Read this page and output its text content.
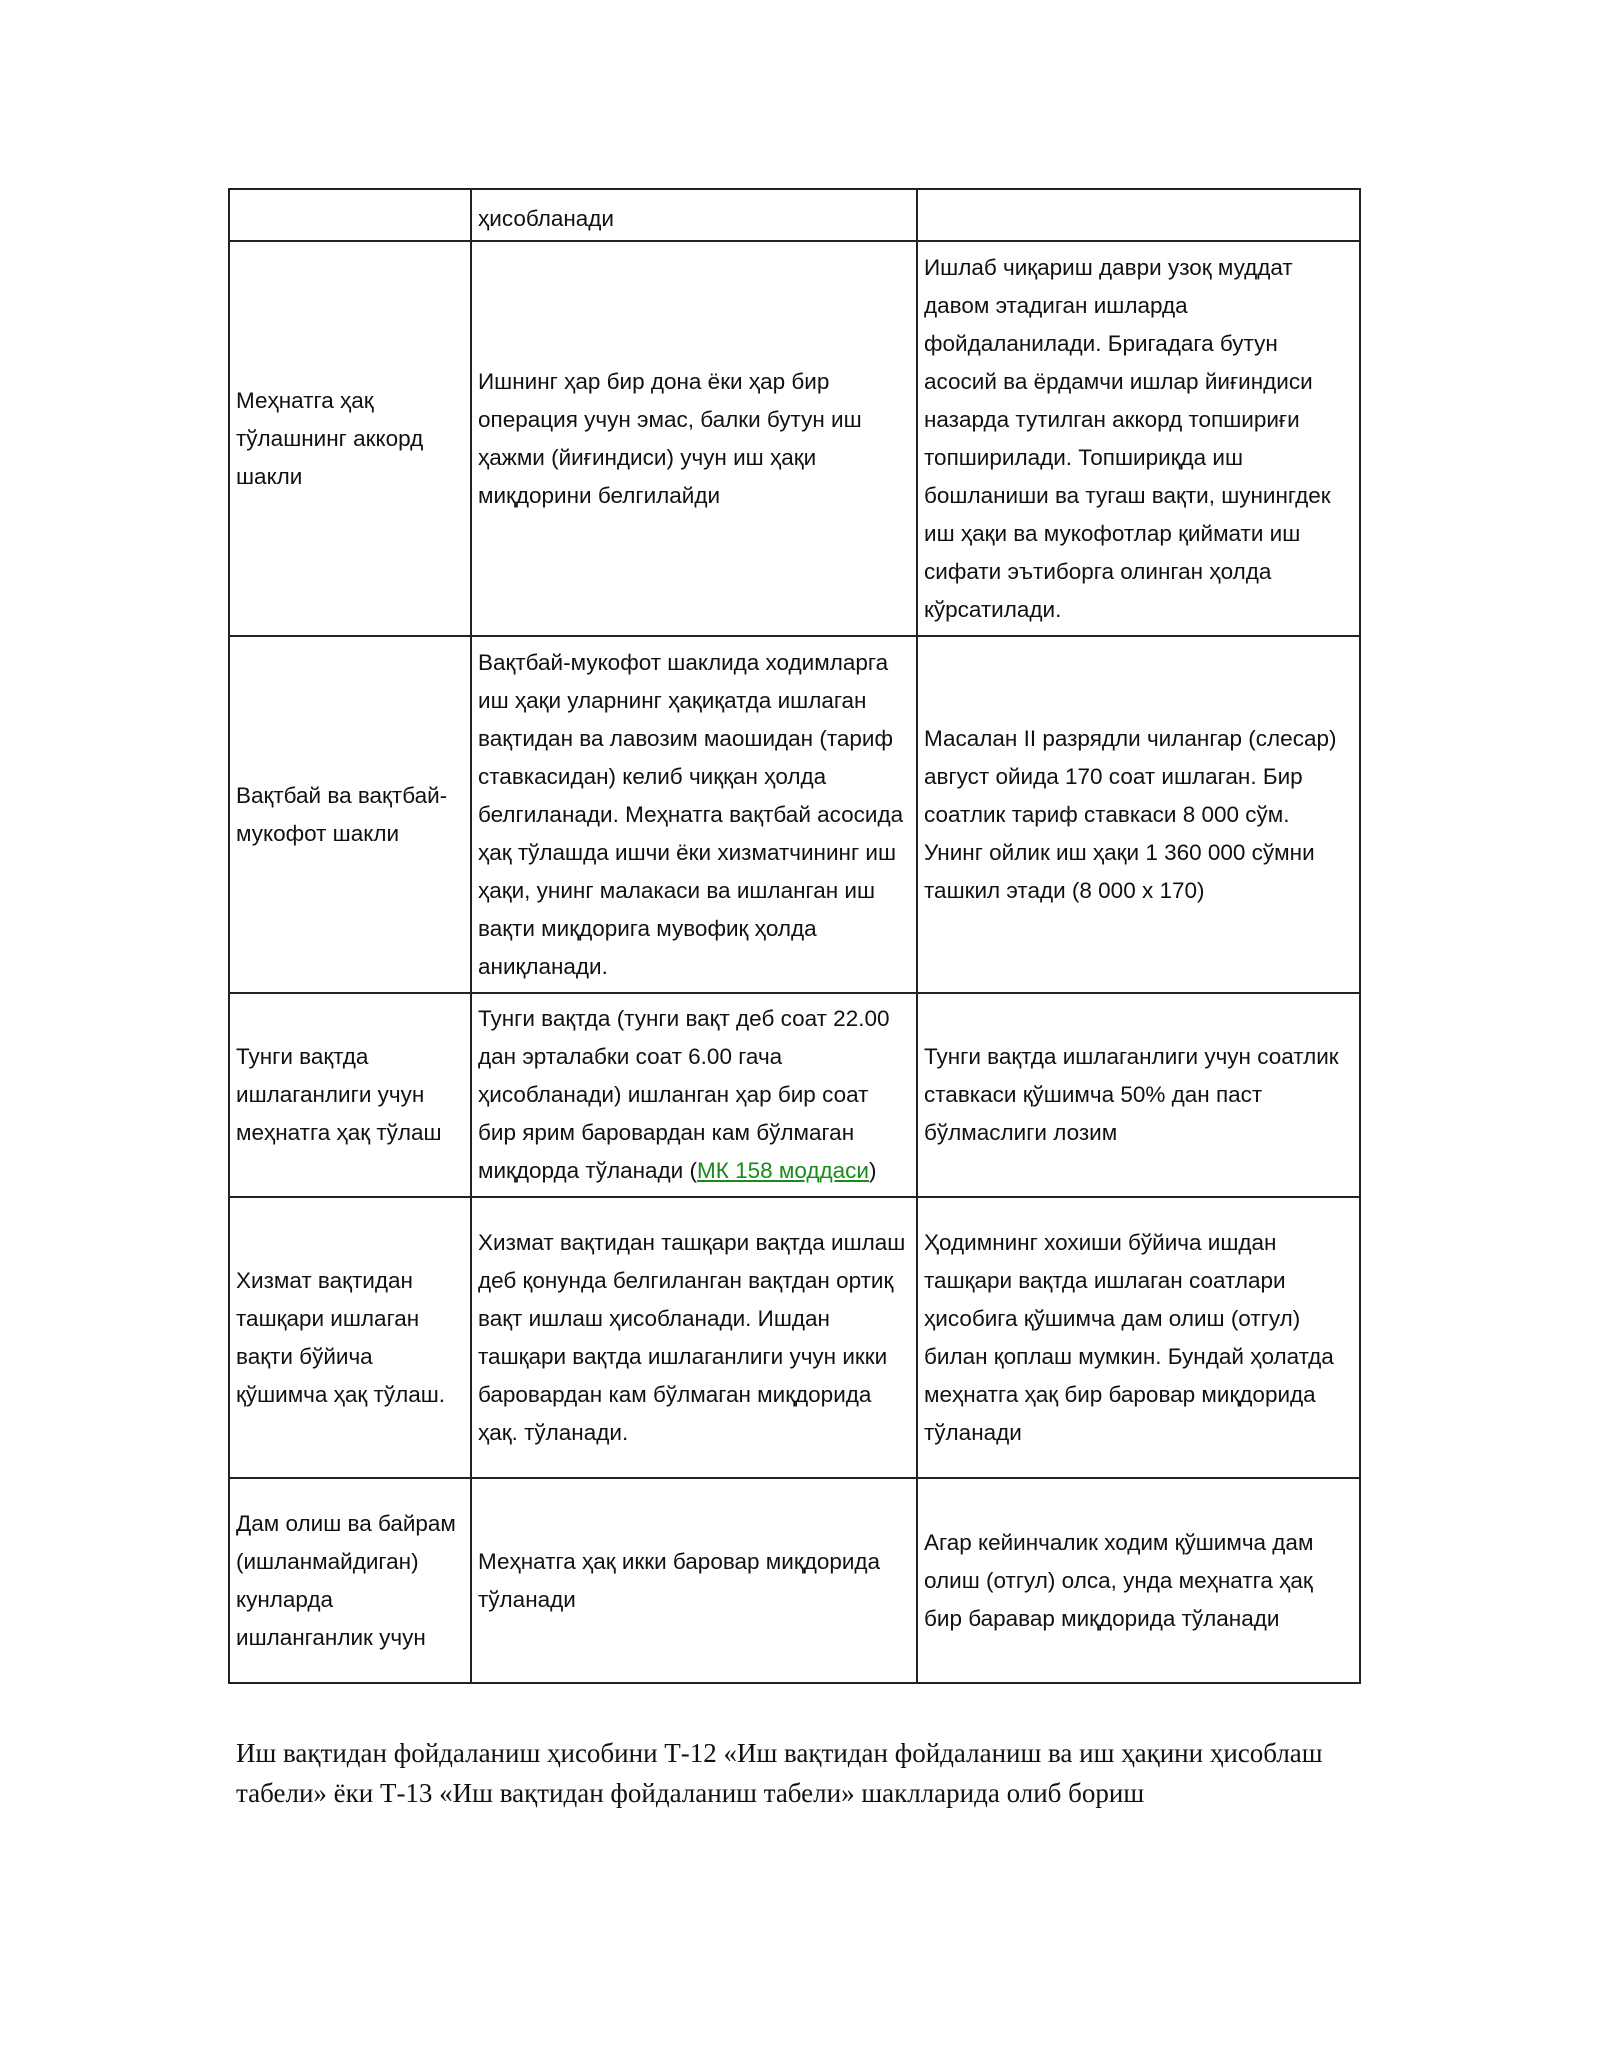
	ҳисобланади	
Меҳнатга ҳақ тўлашнинг аккорд шакли	Ишнинг ҳар бир дона ёки ҳар бир операция учун эмас, балки бутун иш ҳажми (йиғиндиси) учун иш ҳақи миқдорини белгилайди	Ишлаб чиқариш даври узоқ муддат давом этадиган ишларда фойдаланилади. Бригадага бутун асосий ва ёрдамчи ишлар йиғиндиси назарда тутилган аккорд топшириғи топширилади. Топшириқда иш бошланиши ва тугаш вақти, шунингдек иш ҳақи ва мукофотлар қиймати иш сифати эътиборга олинган ҳолда кўрсатилади.
Вақтбай ва вақтбай-мукофот шакли	Вақтбай-мукофот шаклида ходимларга иш ҳақи уларнинг ҳақиқатда ишлаган вақтидан ва лавозим маошидан (тариф ставкасидан) келиб чиққан ҳолда белгиланади. Меҳнатга вақтбай асосида ҳақ тўлашда ишчи ёки хизматчининг иш ҳақи, унинг малакаси ва ишланган иш вақти миқдорига мувофиқ ҳолда аниқланади.	Масалан II разрядли чилангар (слесар) август ойида 170 соат ишлаган. Бир соатлик тариф ставкаси 8 000 сўм. Унинг ойлик иш ҳақи 1 360 000 сўмни ташкил этади (8 000 х 170)
Тунги вақтда ишлаганлиги учун меҳнатга ҳақ тўлаш	Тунги вақтда (тунги вақт деб соат 22.00 дан эрталабки соат 6.00 гача ҳисобланади) ишланган ҳар бир соат бир ярим баровардан кам бўлмаган миқдорда тўланади (МК 158 моддаси)	Тунги вақтда ишлаганлиги учун соатлик ставкаси қўшимча 50% дан паст бўлмаслиги лозим
Хизмат вақтидан ташқари ишлаган вақти бўйича қўшимча ҳақ тўлаш.	Хизмат вақтидан ташқари вақтда ишлаш деб қонунда белгиланган вақтдан ортиқ вақт ишлаш ҳисобланади. Ишдан ташқари вақтда ишлаганлиги учун икки баровардан кам бўлмаган миқдорида ҳақ. тўланади.	Ҳодимнинг хохиши бўйича ишдан ташқари вақтда ишлаган соатлари ҳисобига қўшимча дам олиш (отгул) билан қоплаш мумкин. Бундай ҳолатда меҳнатга ҳақ бир баровар миқдорида тўланади
Дам олиш ва байрам (ишланмайдиган) кунларда ишланганлик учун	Меҳнатга ҳақ икки баровар миқдорида тўланади	Агар кейинчалик ходим қўшимча дам олиш (отгул) олса, унда меҳнатга ҳақ бир баравар миқдорида тўланади

Иш вақтидан фойдаланиш ҳисобини Т-12 «Иш вақтидан фойдаланиш ва иш ҳақини ҳисоблаш табели» ёки Т-13 «Иш вақтидан фойдаланиш табели» шаклларида олиб бориш
